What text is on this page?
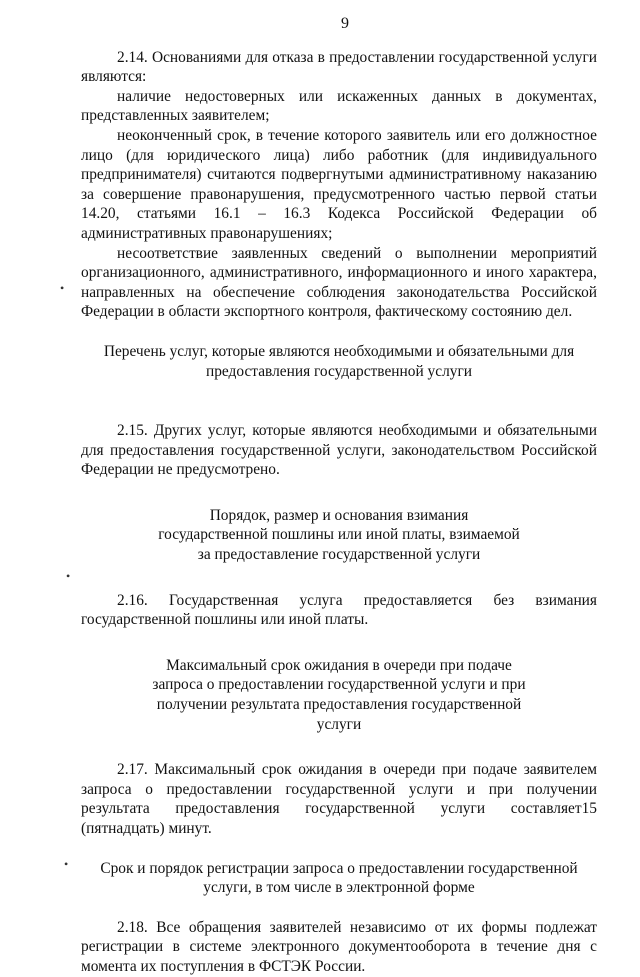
9

2.14. Основаниями для отказа в предоставлении государственной услуги являются:

наличие недостоверных или искаженных данных в документах, представленных заявителем;

неоконченный срок, в течение которого заявитель или его должностное лицо (для юридического лица) либо работник (для индивидуального предпринимателя) считаются подвергнутыми административному наказанию за совершение правонарушения, предусмотренного частью первой статьи 14.20, статьями 16.1 – 16.3 Кодекса Российской Федерации об административных правонарушениях;

несоответствие заявленных сведений о выполнении мероприятий организационного, административного, информационного и иного характера, направленных на обеспечение соблюдения законодательства Российской Федерации в области экспортного контроля, фактическому состоянию дел.

Перечень услуг, которые являются необходимыми и обязательными для предоставления государственной услуги

2.15. Других услуг, которые являются необходимыми и обязательными для предоставления государственной услуги, законодательством Российской Федерации не предусмотрено.

Порядок, размер и основания взимания государственной пошлины или иной платы, взимаемой за предоставление государственной услуги

2.16. Государственная услуга предоставляется без взимания государственной пошлины или иной платы.

Максимальный срок ожидания в очереди при подаче запроса о предоставлении государственной услуги и при получении результата предоставления государственной услуги

2.17. Максимальный срок ожидания в очереди при подаче заявителем запроса о предоставлении государственной услуги и при получении результата предоставления государственной услуги составляет15 (пятнадцать) минут.

Срок и порядок регистрации запроса о предоставлении государственной услуги, в том числе в электронной форме

2.18. Все обращения заявителей независимо от их формы подлежат регистрации в системе электронного документооборота в течение дня с момента их поступления в ФСТЭК России.

•
•
•
